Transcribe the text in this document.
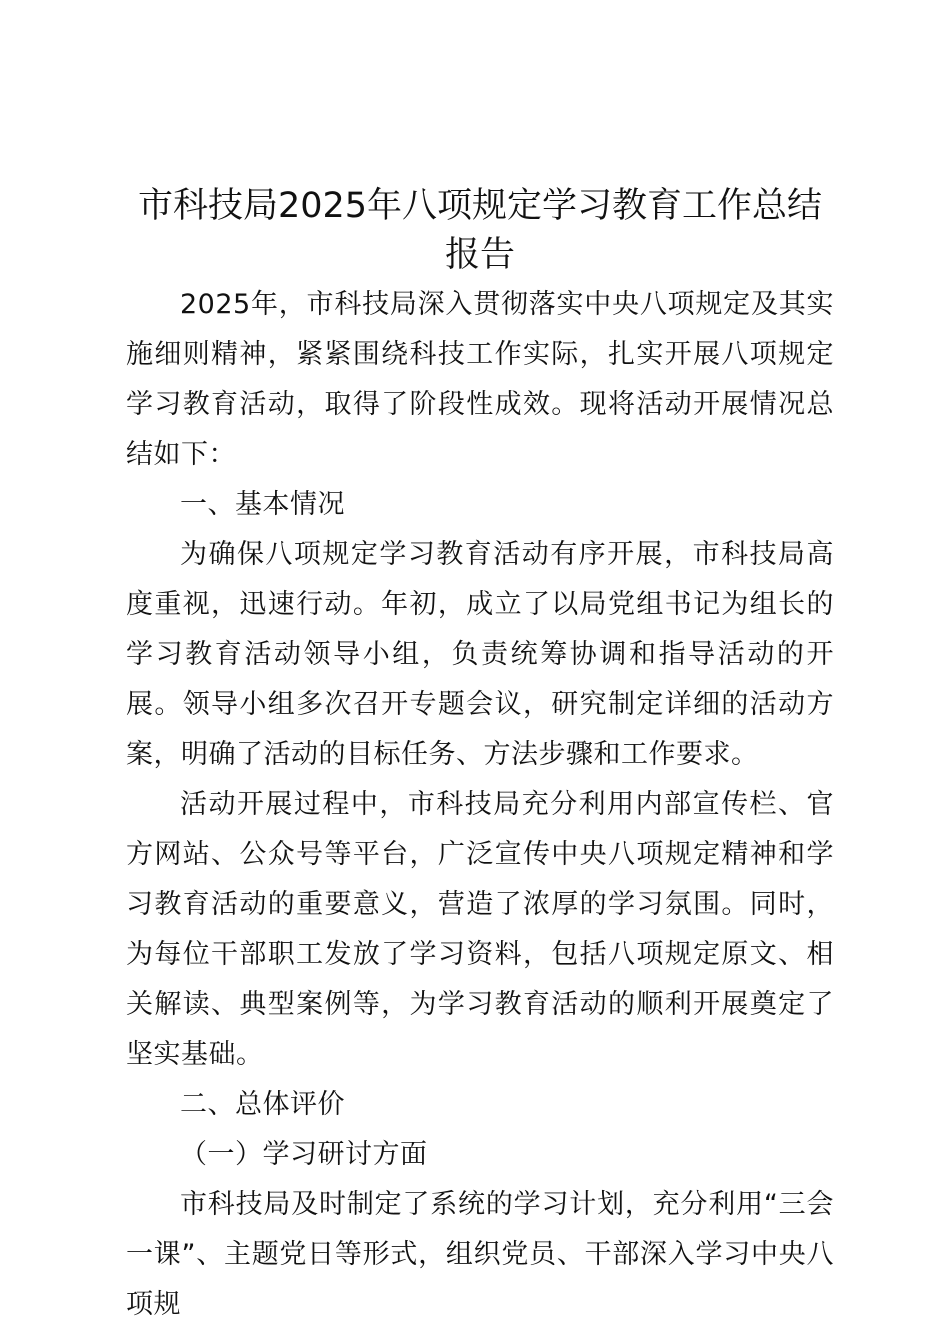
市科技局2025年八项规定学习教育工作总结报告

2025年，市科技局深入贯彻落实中央八项规定及其实施细则精神，紧紧围绕科技工作实际，扎实开展八项规定学习教育活动，取得了阶段性成效。现将活动开展情况总结如下：

一、基本情况

为确保八项规定学习教育活动有序开展，市科技局高度重视，迅速行动。年初，成立了以局党组书记为组长的学习教育活动领导小组，负责统筹协调和指导活动的开展。领导小组多次召开专题会议，研究制定详细的活动方案，明确了活动的目标任务、方法步骤和工作要求。

活动开展过程中，市科技局充分利用内部宣传栏、官方网站、公众号等平台，广泛宣传中央八项规定精神和学习教育活动的重要意义，营造了浓厚的学习氛围。同时，为每位干部职工发放了学习资料，包括八项规定原文、相关解读、典型案例等，为学习教育活动的顺利开展奠定了坚实基础。

二、总体评价

（一）学习研讨方面

市科技局及时制定了系统的学习计划，充分利用“三会一课”、主题党日等形式，组织党员、干部深入学习中央八项规
